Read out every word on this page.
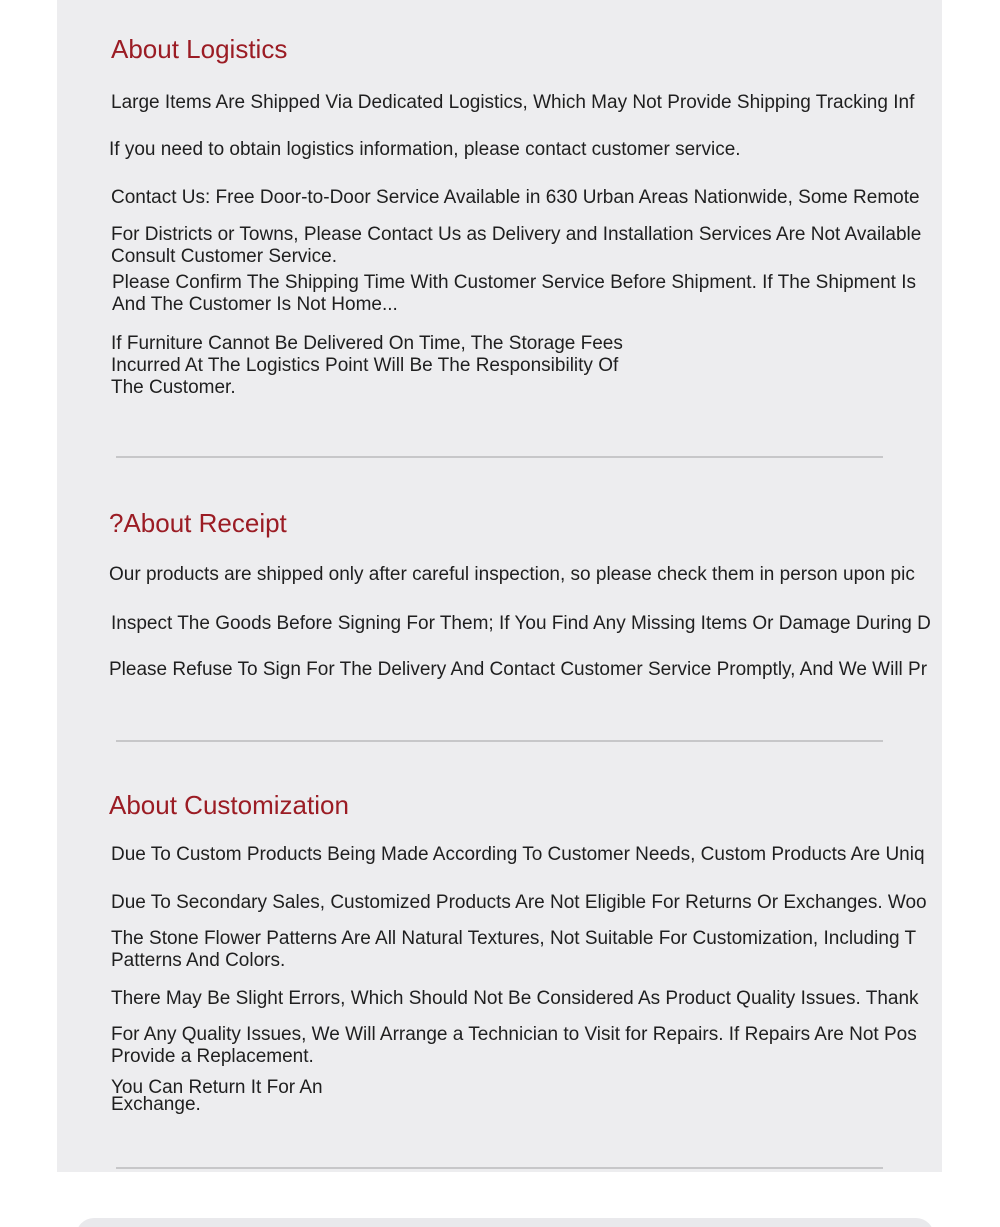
About Logistics

Large Items Are Shipped Via Dedicated Logistics, Which May Not Provide Shipping Tracking Inf

If you need to obtain logistics information, please contact customer service.

Contact Us: Free Door-to-Door Service Available in 630 Urban Areas Nationwide, Some Remote

For Districts or Towns, Please Contact Us as Delivery and Installation Services Are Not Available

Consult Customer Service.

Please Confirm The Shipping Time With Customer Service Before Shipment. If The Shipment Is

And The Customer Is Not Home...

If Furniture Cannot Be Delivered On Time, The Storage Fees

Incurred At The Logistics Point Will Be The Responsibility Of

The Customer.

?About Receipt

Our products are shipped only after careful inspection, so please check them in person upon pic

Inspect The Goods Before Signing For Them; If You Find Any Missing Items Or Damage During D

Please Refuse To Sign For The Delivery And Contact Customer Service Promptly, And We Will Pr

About Customization

Due To Custom Products Being Made According To Customer Needs, Custom Products Are Uniq

Due To Secondary Sales, Customized Products Are Not Eligible For Returns Or Exchanges. Woo

The Stone Flower Patterns Are All Natural Textures, Not Suitable For Customization, Including T

Patterns And Colors.

There May Be Slight Errors, Which Should Not Be Considered As Product Quality Issues. Thank

For Any Quality Issues, We Will Arrange a Technician to Visit for Repairs. If Repairs Are Not Pos

Provide a Replacement.

You Can Return It For An

Exchange.
